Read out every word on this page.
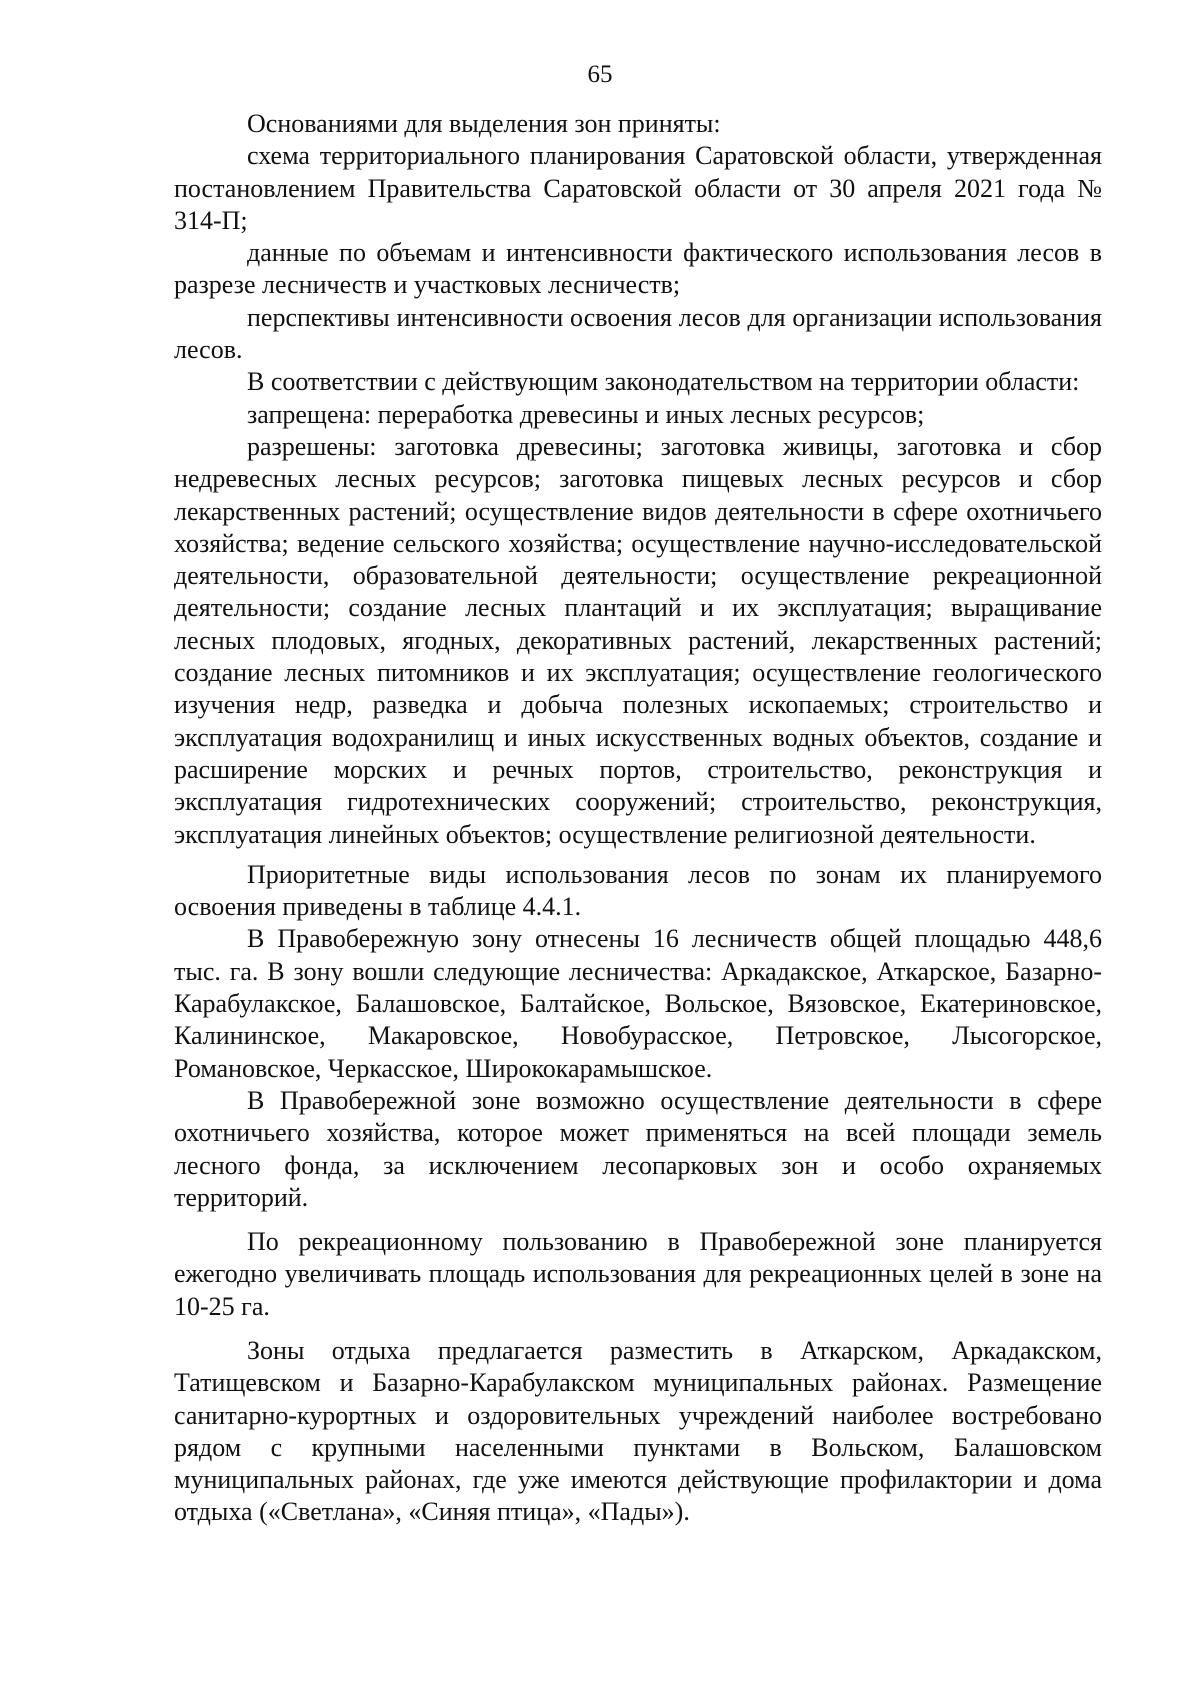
65

Основаниями для выделения зон приняты:

схема территориального планирования Саратовской области, утвержденная постановлением Правительства Саратовской области от 30 апреля 2021 года № 314-П;

данные по объемам и интенсивности фактического использования лесов в разрезе лесничеств и участковых лесничеств;

перспективы интенсивности освоения лесов для организации использования лесов.

В соответствии с действующим законодательством на территории области:

запрещена: переработка древесины и иных лесных ресурсов;

разрешены: заготовка древесины; заготовка живицы, заготовка и сбор недревесных лесных ресурсов; заготовка пищевых лесных ресурсов и сбор лекарственных растений; осуществление видов деятельности в сфере охотничьего хозяйства; ведение сельского хозяйства; осуществление научно-исследовательской деятельности, образовательной деятельности; осуществление рекреационной деятельности; создание лесных плантаций и их эксплуатация; выращивание лесных плодовых, ягодных, декоративных растений, лекарственных растений; создание лесных питомников и их эксплуатация; осуществление геологического изучения недр, разведка и добыча полезных ископаемых; строительство и эксплуатация водохранилищ и иных искусственных водных объектов, создание и расширение морских и речных портов, строительство, реконструкция и эксплуатация гидротехнических сооружений; строительство, реконструкция, эксплуатация линейных объектов; осуществление религиозной деятельности.

Приоритетные виды использования лесов по зонам их планируемого освоения приведены в таблице 4.4.1.

В Правобережную зону отнесены 16 лесничеств общей площадью 448,6 тыс. га. В зону вошли следующие лесничества: Аркадакское, Аткарское, Базарно-Карабулакское, Балашовское, Балтайское, Вольское, Вязовское, Екатериновское, Калининское, Макаровское, Новобурасское, Петровское, Лысогорское, Романовское, Черкасское, Ширококарамышское.

В Правобережной зоне возможно осуществление деятельности в сфере охотничьего хозяйства, которое может применяться на всей площади земель лесного фонда, за исключением лесопарковых зон и особо охраняемых территорий.

По рекреационному пользованию в Правобережной зоне планируется ежегодно увеличивать площадь использования для рекреационных целей в зоне на 10-25 га.

Зоны отдыха предлагается разместить в Аткарском, Аркадакском, Татищевском и Базарно-Карабулакском муниципальных районах. Размещение санитарно-курортных и оздоровительных учреждений наиболее востребовано рядом с крупными населенными пунктами в Вольском, Балашовском муниципальных районах, где уже имеются действующие профилактории и дома отдыха («Светлана», «Синяя птица», «Пады»).
